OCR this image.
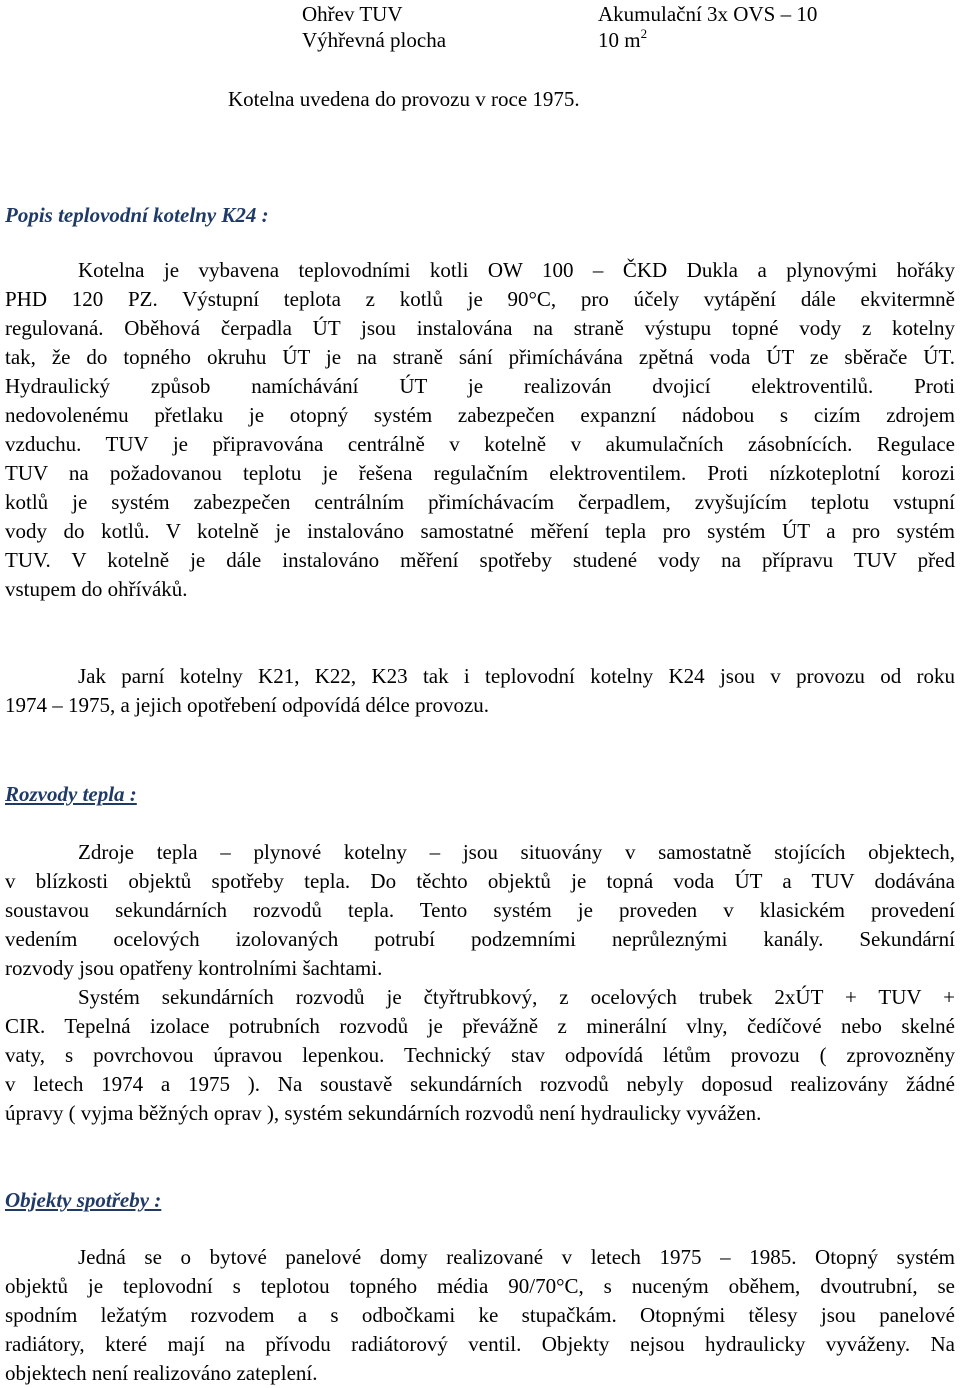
Ohřev TUV	Akumulační 3x OVS – 10
Výhřevná plocha	10 $m^2$
Kotelna uvedena do provozu v roce 1975.
Popis teplovodní kotelny K24 :
Kotelna je vybavena teplovodními kotli OW 100 – ČKD Dukla a plynovými hořáky
PHD 120 PZ. Výstupní teplota z kotlů je 90°C, pro účely vytápění dále ekvitermně
regulovaná. Oběhová čerpadla ÚT jsou instalována na straně výstupu topné vody z kotelny
tak, že do topného okruhu ÚT je na straně sání přimíchávána zpětná voda ÚT ze sběrače ÚT.
Hydraulický způsob namíchávání ÚT je realizován dvojicí elektroventilů. Proti
nedovolenému přetlaku je otopný systém zabezpečen expanzní nádobou s cizím zdrojem
vzduchu. TUV je připravována centrálně v kotelně v akumulačních zásobnících. Regulace
TUV na požadovanou teplotu je řešena regulačním elektroventilem. Proti nízkoteplotní korozi
kotlů je systém zabezpečen centrálním přimíchávacím čerpadlem, zvyšujícím teplotu vstupní
vody do kotlů. V kotelně je instalováno samostatné měření tepla pro systém ÚT a pro systém
TUV. V kotelně je dále instalováno měření spotřeby studené vody na přípravu TUV před
vstupem do ohříváků.
Jak parní kotelny K21, K22, K23 tak i teplovodní kotelny K24 jsou v provozu od roku
1974 – 1975, a jejich opotřebení odpovídá délce provozu.
Rozvody tepla :
Zdroje tepla – plynové kotelny – jsou situovány v samostatně stojících objektech,
v blízkosti objektů spotřeby tepla. Do těchto objektů je topná voda ÚT a TUV dodávána
soustavou sekundárních rozvodů tepla. Tento systém je proveden v klasickém provedení
vedením ocelových izolovaných potrubí podzemními neprůleznými kanály. Sekundární
rozvody jsou opatřeny kontrolními šachtami.
Systém sekundárních rozvodů je čtyřtrubkový, z ocelových trubek 2xÚT + TUV +
CIR. Tepelná izolace potrubních rozvodů je převážně z minerální vlny, čedíčové nebo skelné
vaty, s povrchovou úpravou lepenkou. Technický stav odpovídá létům provozu ( zprovozněny
v letech 1974 a 1975 ). Na soustavě sekundárních rozvodů nebyly doposud realizovány žádné
úpravy ( vyjma běžných oprav ), systém sekundárních rozvodů není hydraulicky vyvážen.
Objekty spotřeby :
Jedná se o bytové panelové domy realizované v letech 1975 – 1985. Otopný systém
objektů je teplovodní s teplotou topného média 90/70°C, s nuceným oběhem, dvoutrubní, se
spodním ležatým rozvodem a s odbočkami ke stupačkám. Otopnými tělesy jsou panelové
radiátory, které mají na přívodu radiátorový ventil. Objekty nejsou hydraulicky vyváženy. Na
objektech není realizováno zateplení.
